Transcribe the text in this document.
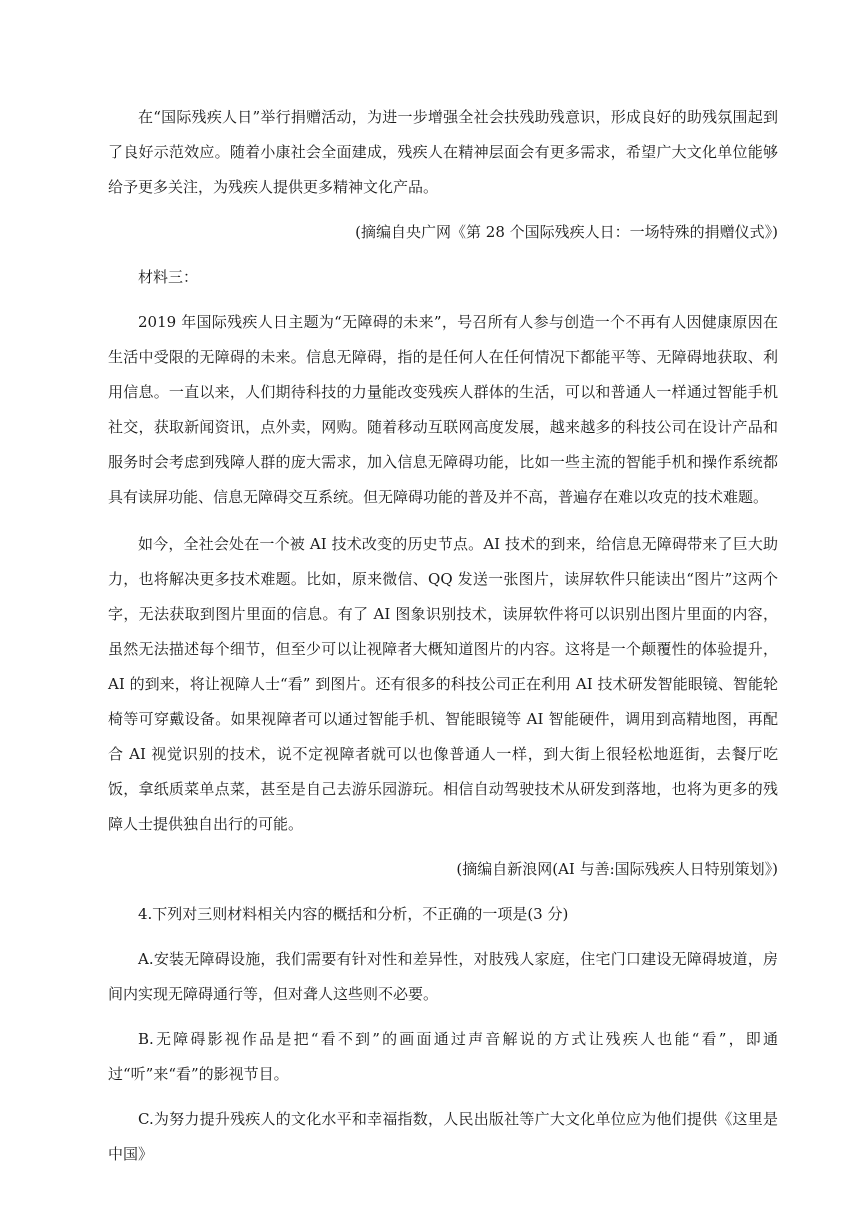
在“国际残疾人日”举行捐赠活动，为进一步增强全社会扶残助残意识，形成良好的助残氛围起到了良好示范效应。随着小康社会全面建成，残疾人在精神层面会有更多需求，希望广大文化单位能够给予更多关注，为残疾人提供更多精神文化产品。

(摘编自央广网《第 28 个国际残疾人日：一场特殊的捐赠仪式》)

材料三：

2019 年国际残疾人日主题为“无障碍的未来”，号召所有人参与创造一个不再有人因健康原因在生活中受限的无障碍的未来。信息无障碍，指的是任何人在任何情况下都能平等、无障碍地获取、利用信息。一直以来，人们期待科技的力量能改变残疾人群体的生活，可以和普通人一样通过智能手机社交，获取新闻资讯，点外卖，网购。随着移动互联网高度发展，越来越多的科技公司在设计产品和服务时会考虑到残障人群的庞大需求，加入信息无障碍功能，比如一些主流的智能手机和操作系统都具有读屏功能、信息无障碍交互系统。但无障碍功能的普及并不高，普遍存在难以攻克的技术难题。

如今，全社会处在一个被 AI 技术改变的历史节点。AI 技术的到来，给信息无障碍带来了巨大助力，也将解决更多技术难题。比如，原来微信、QQ 发送一张图片，读屏软件只能读出“图片”这两个字，无法获取到图片里面的信息。有了 AI 图象识别技术，读屏软件将可以识别出图片里面的内容，虽然无法描述每个细节，但至少可以让视障者大概知道图片的内容。这将是一个颠覆性的体验提升，AI 的到来，将让视障人士“看” 到图片。还有很多的科技公司正在利用 AI 技术研发智能眼镜、智能轮椅等可穿戴设备。如果视障者可以通过智能手机、智能眼镜等 AI 智能硬件，调用到高精地图，再配合 AI 视觉识别的技术，说不定视障者就可以也像普通人一样，到大街上很轻松地逛街，去餐厅吃饭，拿纸质菜单点菜，甚至是自己去游乐园游玩。相信自动驾驶技术从研发到落地，也将为更多的残障人士提供独自出行的可能。

(摘编自新浪网(AI 与善:国际残疾人日特别策划》)

4.下列对三则材料相关内容的概括和分析，不正确的一项是(3 分)

A.安装无障碍设施，我们需要有针对性和差异性，对肢残人家庭，住宅门口建设无障碍坡道，房间内实现无障碍通行等，但对聋人这些则不必要。

B.无障碍影视作品是把“看不到”的画面通过声音解说的方式让残疾人也能“看”，即通过“听”来“看”的影视节目。

C.为努力提升残疾人的文化水平和幸福指数，人民出版社等广大文化单位应为他们提供《这里是中国》
